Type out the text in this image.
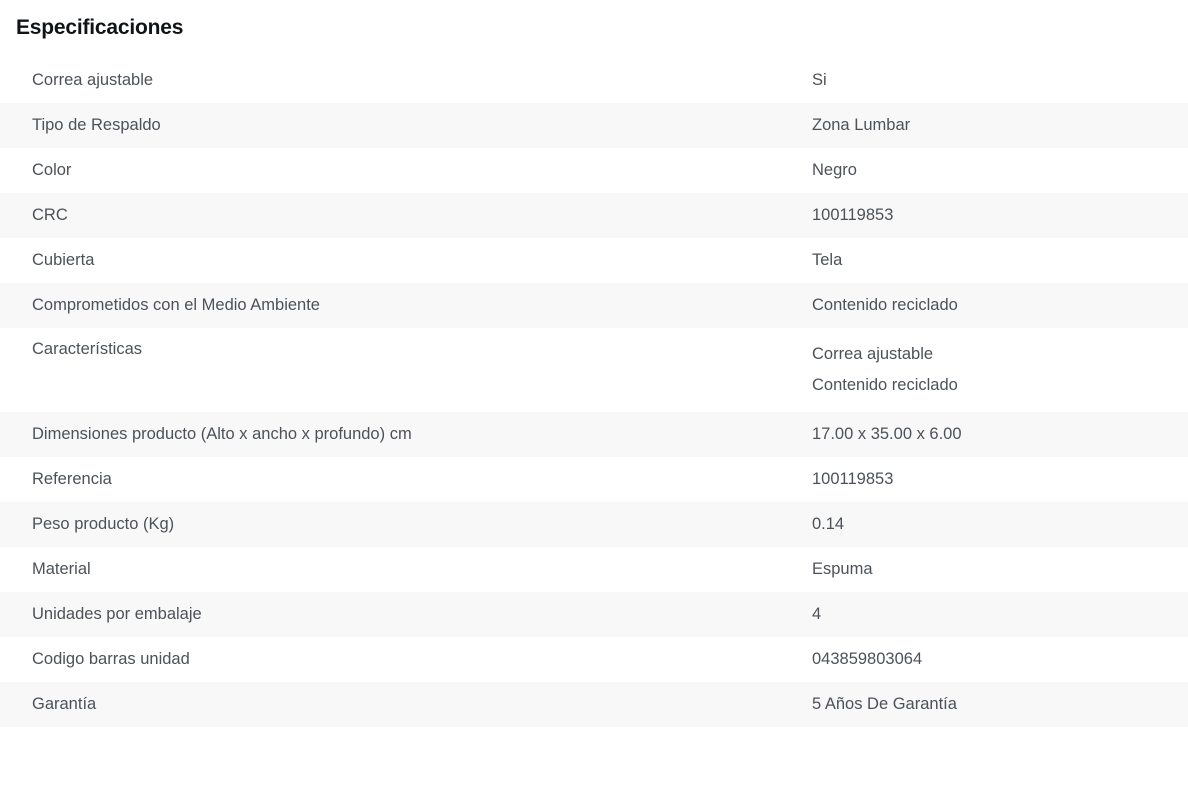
Especificaciones
Correa ajustable	Si

Tipo de Respaldo	Zona Lumbar

Color	Negro

CRC	100119853

Cubierta	Tela

Comprometidos con el Medio Ambiente	Contenido reciclado

Características	Correa ajustable
Contenido reciclado

Dimensiones producto (Alto x ancho x profundo) cm	17.00 x 35.00 x 6.00

Referencia	100119853

Peso producto (Kg)	0.14

Material	Espuma

Unidades por embalaje	4

Codigo barras unidad	043859803064

Garantía	5 Años De Garantía
